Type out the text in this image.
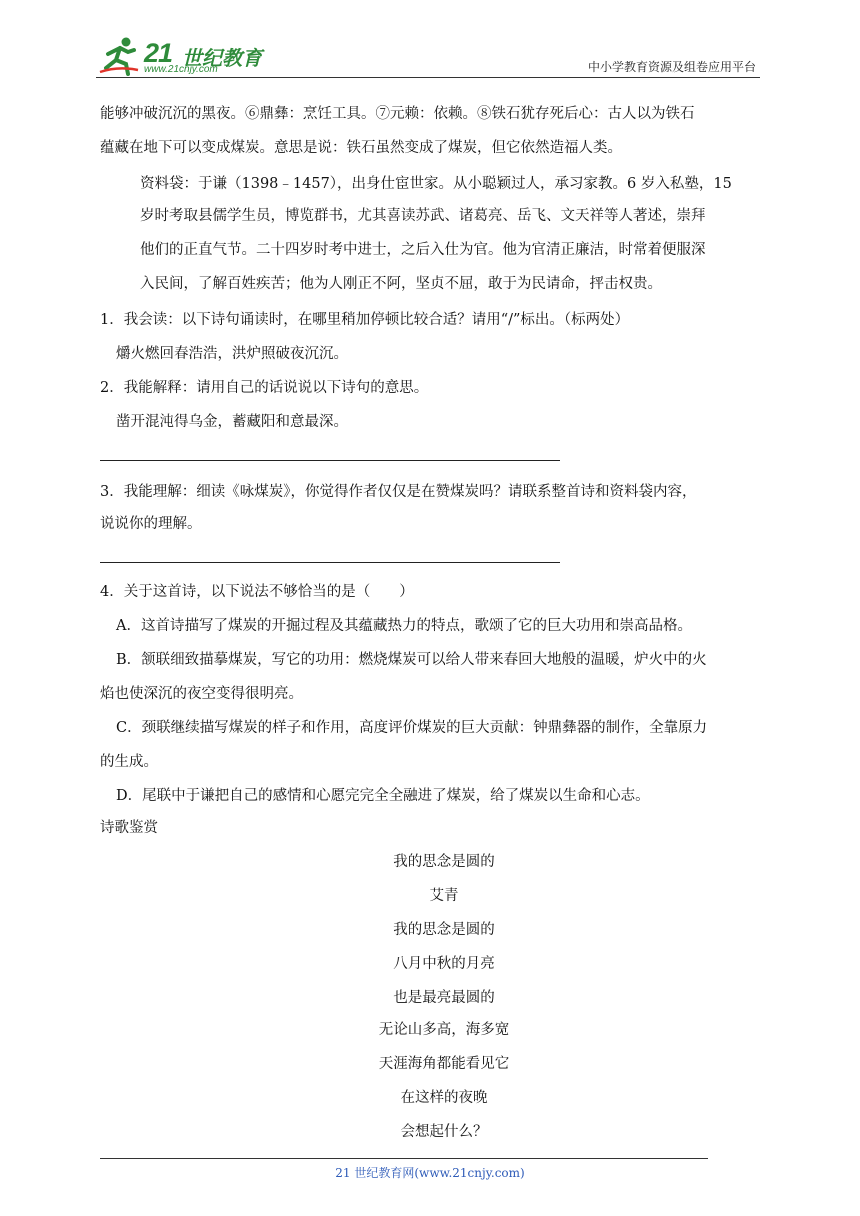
21 世纪教育
www.21cnjy.com	中小学教育资源及组卷应用平台
能够冲破沉沉的黑夜。⑥鼎彝：烹饪工具。⑦元赖：依赖。⑧铁石犹存死后心：古人以为铁石
蕴藏在地下可以变成煤炭。意思是说：铁石虽然变成了煤炭，但它依然造福人类。
资料袋：于谦（1398﹣1457），出身仕宦世家。从小聪颖过人，承习家教。6 岁入私塾，15
岁时考取县儒学生员，博览群书，尤其喜读苏武、诸葛亮、岳飞、文天祥等人著述，崇拜
他们的正直气节。二十四岁时考中进士，之后入仕为官。他为官清正廉洁，时常着便服深
入民间，了解百姓疾苦；他为人刚正不阿，坚贞不屈，敢于为民请命，抨击权贵。
1．我会读：以下诗句诵读时，在哪里稍加停顿比较合适？请用“/”标出。（标两处）
爝火燃回春浩浩，洪炉照破夜沉沉。
2．我能解释：请用自己的话说说以下诗句的意思。
凿开混沌得乌金，蓄藏阳和意最深。
3．我能理解：细读《咏煤炭》，你觉得作者仅仅是在赞煤炭吗？请联系整首诗和资料袋内容，
说说你的理解。
4．关于这首诗，以下说法不够恰当的是（　　）
A．这首诗描写了煤炭的开掘过程及其蕴藏热力的特点，歌颂了它的巨大功用和崇高品格。
B．颔联细致描摹煤炭，写它的功用：燃烧煤炭可以给人带来春回大地般的温暖，炉火中的火
焰也使深沉的夜空变得很明亮。
C．颈联继续描写煤炭的样子和作用，高度评价煤炭的巨大贡献：钟鼎彝器的制作，全靠原力
的生成。
D．尾联中于谦把自己的感情和心愿完完全全融进了煤炭，给了煤炭以生命和心志。
诗歌鉴赏
我的思念是圆的
艾青
我的思念是圆的
八月中秋的月亮
也是最亮最圆的
无论山多高，海多宽
天涯海角都能看见它
在这样的夜晚
会想起什么？
21 世纪教育网(www.21cnjy.com)
